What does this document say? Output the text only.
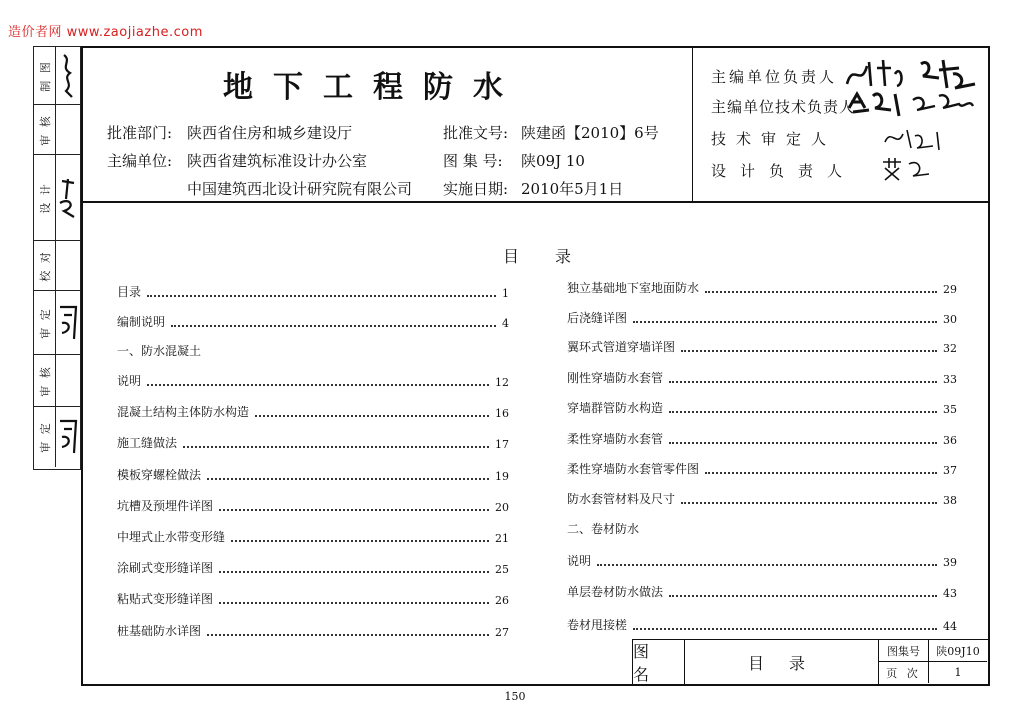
造价者网 www.zaojiazhe.com
制 图
审 核
设 计
校 对
审 定
审 核
审 定
地下工程防水
批准部门: 陕西省住房和城乡建设厅
主编单位: 陕西省建筑标准设计办公室
中国建筑西北设计研究院有限公司
批准文号: 陕建函【2010】6号
图 集 号: 陕09J 10
实施日期: 2010年5月1日
主编单位负责人
主编单位技术负责人
技术审定人
设计负责人
目录
目录	1
编制说明	4
一、防水混凝土
说明	12
混凝土结构主体防水构造	16
施工缝做法	17
模板穿螺栓做法	19
坑槽及预埋件详图	20
中埋式止水带变形缝	21
涂刷式变形缝详图	25
粘贴式变形缝详图	26
桩基础防水详图	27
独立基础地下室地面防水	29
后浇缝详图	30
翼环式管道穿墙详图	32
刚性穿墙防水套管	33
穿墙群管防水构造	35
柔性穿墙防水套管	36
柔性穿墙防水套管零件图	37
防水套管材料及尺寸	38
二、卷材防水
说明	39
单层卷材防水做法	43
卷材甩接槎	44
图 名
目 录
图集号	陕09J10
页 次	1
150
